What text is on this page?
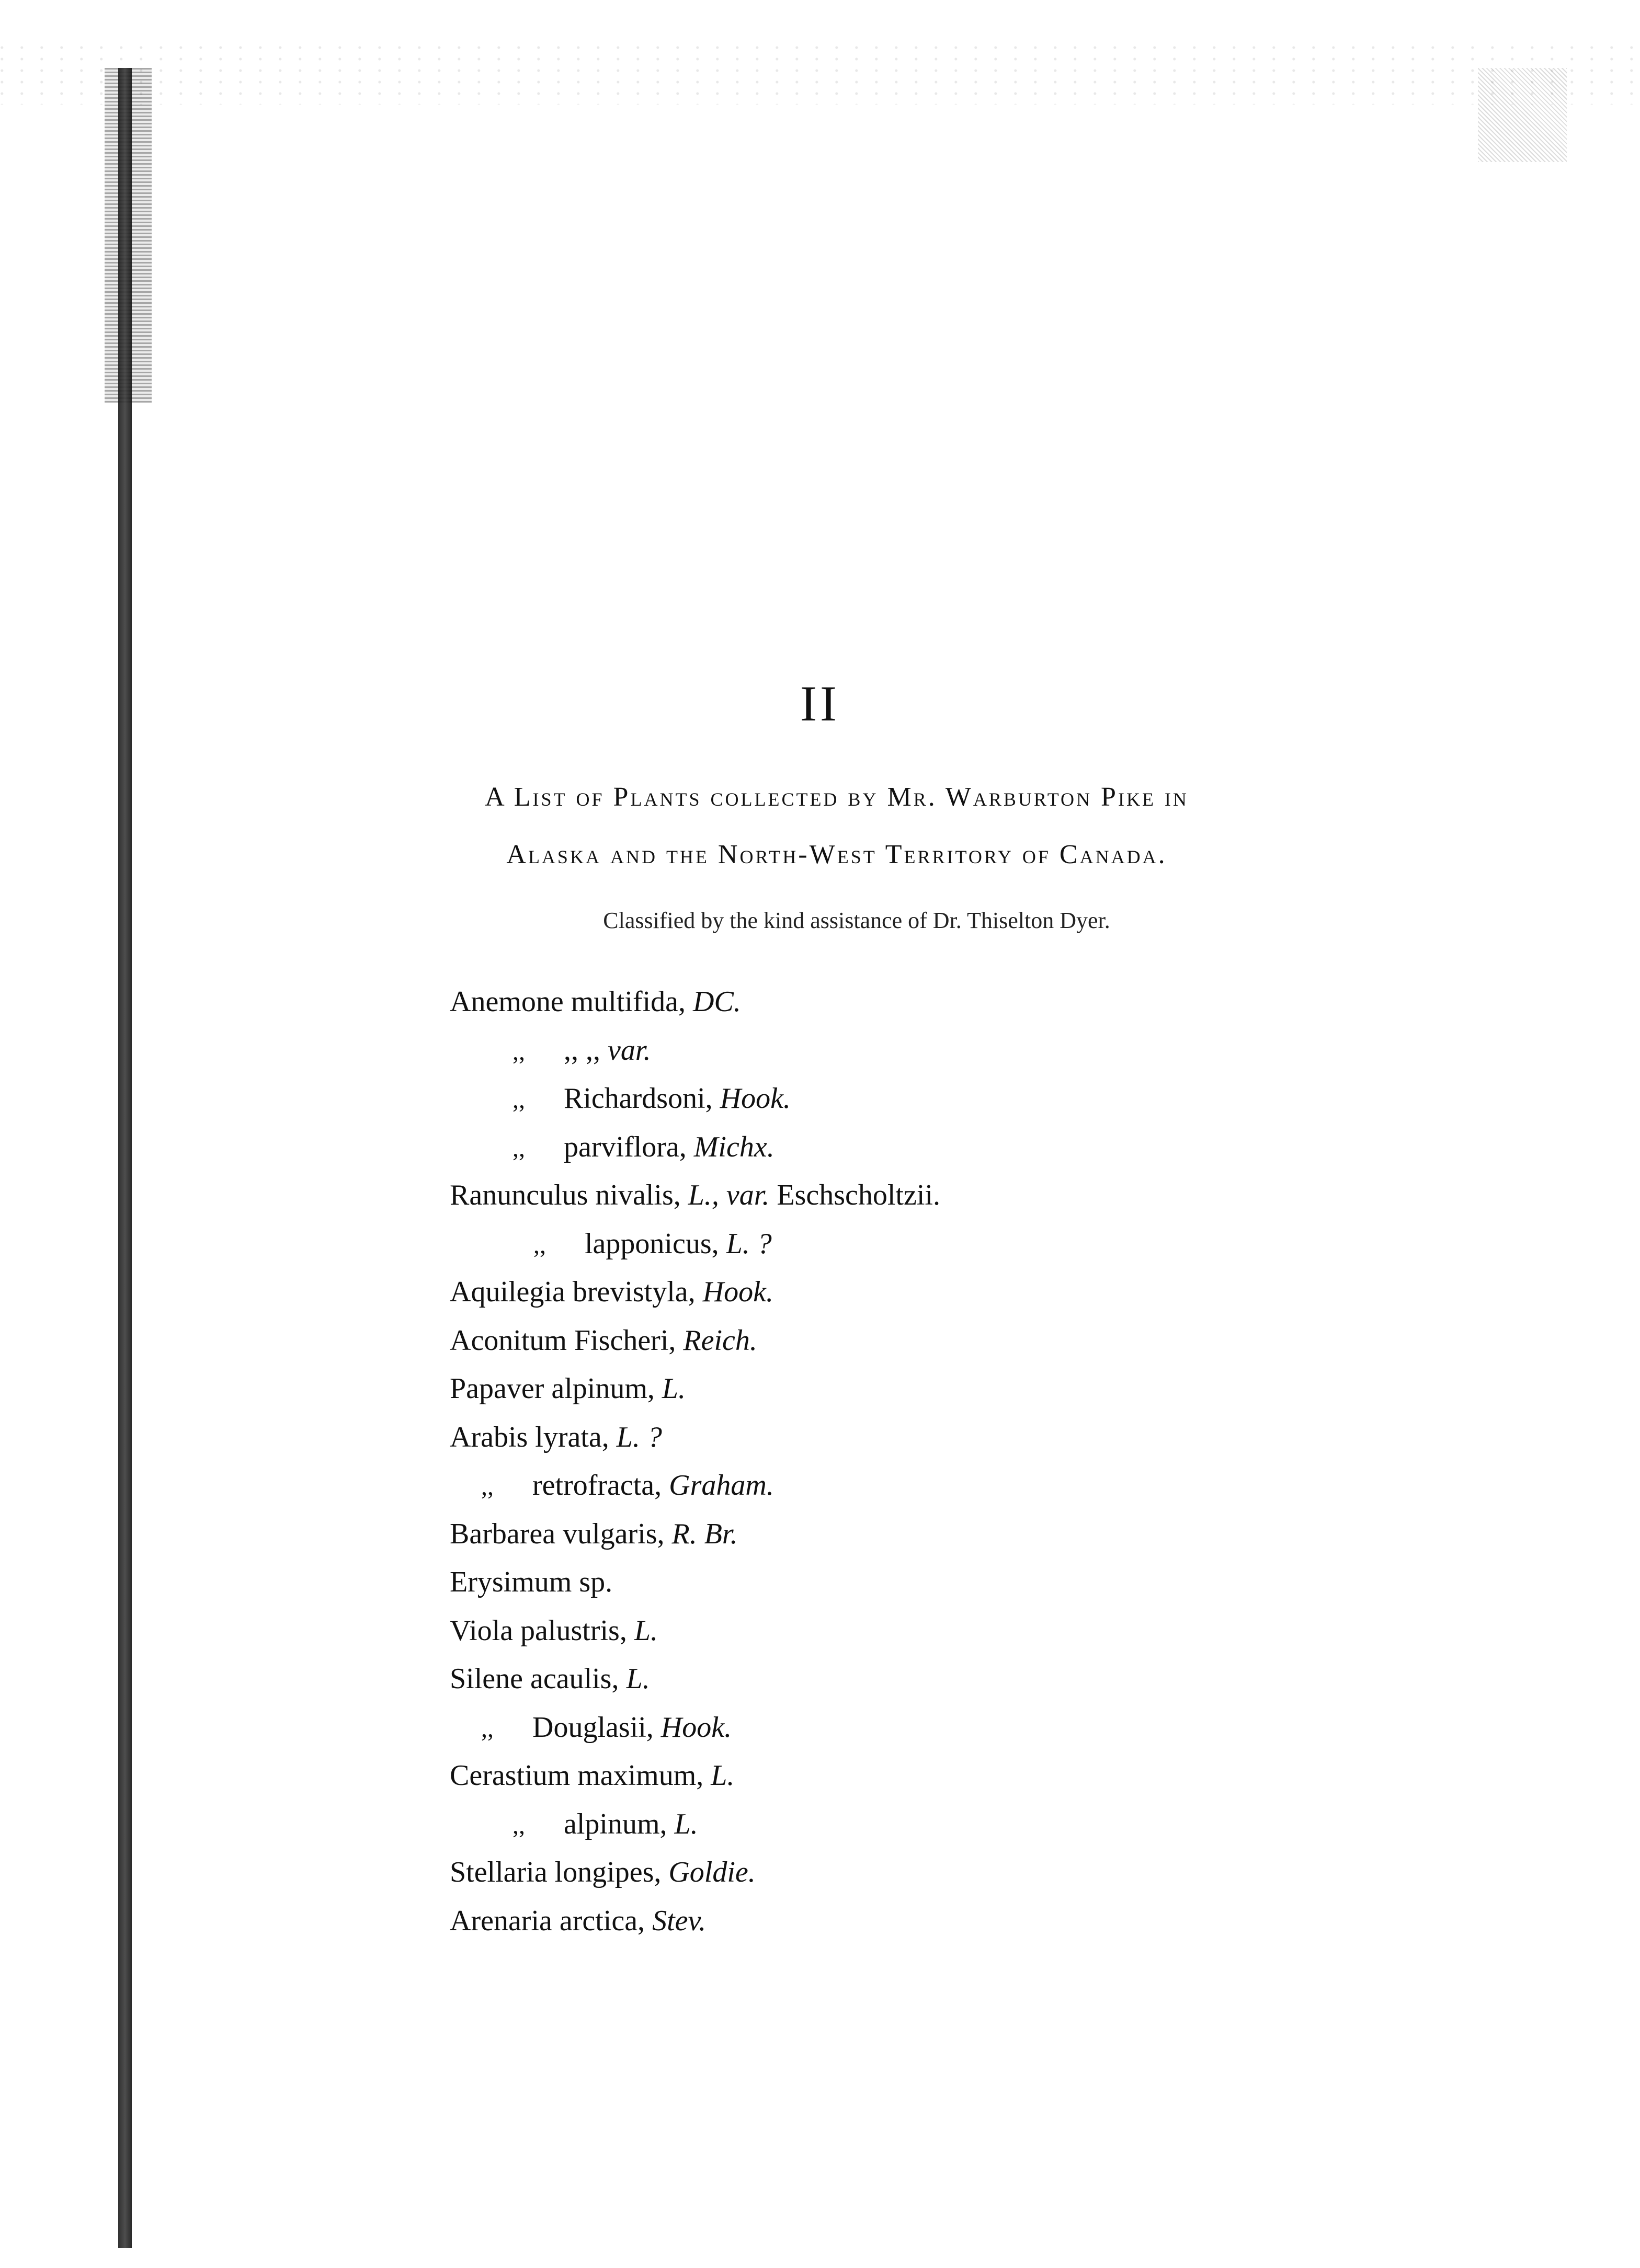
II
A List of Plants collected by Mr. Warburton Pike in
Alaska and the North-West Territory of Canada.
Classified by the kind assistance of Dr. Thiselton Dyer.
Anemone multifida, DC.
,, ,, ,, var.
,, Richardsoni, Hook.
,, parviflora, Michx.
Ranunculus nivalis, L., var. Eschscholtzii.
,, lapponicus, L. ?
Aquilegia brevistyla, Hook.
Aconitum Fischeri, Reich.
Papaver alpinum, L.
Arabis lyrata, L. ?
,, retrofracta, Graham.
Barbarea vulgaris, R. Br.
Erysimum sp.
Viola palustris, L.
Silene acaulis, L.
,, Douglasii, Hook.
Cerastium maximum, L.
,, alpinum, L.
Stellaria longipes, Goldie.
Arenaria arctica, Stev.
